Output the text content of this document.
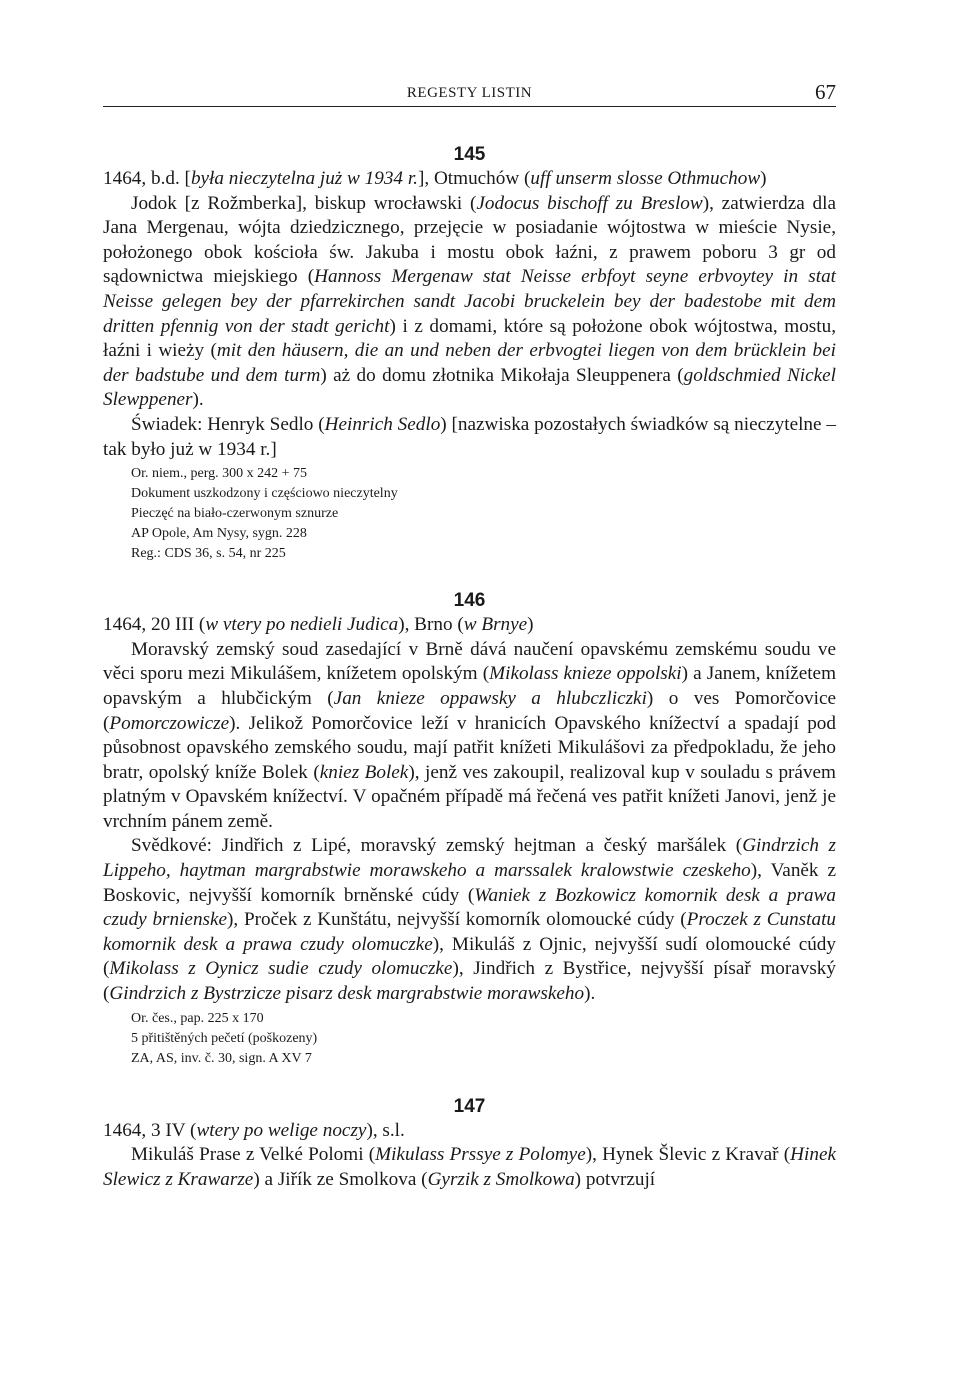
REGESTY LISTIN	67
145

1464, b.d. [była nieczytelna już w 1934 r.], Otmuchów (uff unserm slosse Othmuchow)

Jodok [z Rožmberka], biskup wrocławski (Jodocus bischoff zu Breslow), zatwierdza dla Jana Mergenau, wójta dziedzicznego, przejęcie w posiadanie wójtostwa w mieście Nysie, położonego obok kościoła św. Jakuba i mostu obok łaźni, z prawem poboru 3 gr od sądownictwa miejskiego (Hannoss Mergenaw stat Neisse erbfoyt seyne erbvoytey in stat Neisse gelegen bey der pfarrekirchen sandt Jacobi bruckelein bey der badestobe mit dem dritten pfennig von der stadt gericht) i z domami, które są położone obok wójtostwa, mostu, łaźni i wieży (mit den häusern, die an und neben der erbvogtei liegen von dem brücklein bei der badstube und dem turm) aż do domu złotnika Mikołaja Sleuppenera (goldschmied Nickel Slewppener).

Świadek: Henryk Sedlo (Heinrich Sedlo) [nazwiska pozostałych świadków są nieczytelne – tak było już w 1934 r.]

Or. niem., perg. 300 x 242 + 75
Dokument uszkodzony i częściowo nieczytelny
Pieczęć na biało-czerwonym sznurze
AP Opole, Am Nysy, sygn. 228
Reg.: CDS 36, s. 54, nr 225
146

1464, 20 III (w vtery po nedieli Judica), Brno (w Brnye)

Moravský zemský soud zasedající v Brně dává naučení opavskému zemskému soudu ve věci sporu mezi Mikulášem, knížetem opolským (Mikolass knieze oppolski) a Janem, knížetem opavským a hlubčickým (Jan knieze oppawsky a hlubczliczki) o ves Pomorčovice (Pomorczowicze). Jelikož Pomorčovice leží v hranicích Opavského knížectví a spadají pod působnost opavského zemského soudu, mají patřit knížeti Mikulášovi za předpokladu, že jeho bratr, opolský kníže Bolek (kniez Bolek), jenž ves zakoupil, realizoval kup v souladu s právem platným v Opavském knížectví. V opačném případě má řečená ves patřit knížeti Janovi, jenž je vrchním pánem země.

Svědkové: Jindřich z Lipé, moravský zemský hejtman a český maršálek (Gindrzich z Lippeho, haytman margrabstwie morawskeho a marssalek kralowstwie czeskeho), Vaněk z Boskovic, nejvyšší komorník brněnské cúdy (Waniek z Bozkowicz komornik desk a prawa czudy brnienske), Proček z Kunštátu, nejvyšší komorník olomoucké cúdy (Proczek z Cunstatu komornik desk a prawa czudy olomuczke), Mikuláš z Ojnic, nejvyšší sudí olomoucké cúdy (Mikolass z Oynicz sudie czudy olomuczke), Jindřich z Bystřice, nejvyšší písař moravský (Gindrzich z Bystrzicze pisarz desk margrabstwie morawskeho).

Or. čes., pap. 225 x 170
5 přitištěných pečetí (poškozeny)
ZA, AS, inv. č. 30, sign. A XV 7
147

1464, 3 IV (wtery po welige noczy), s.l.

Mikuláš Prase z Velké Polomi (Mikulass Prssye z Polomye), Hynek Šlevic z Kravař (Hinek Slewicz z Krawarze) a Jiřík ze Smolkova (Gyrzik z Smolkowa) potvrzují
